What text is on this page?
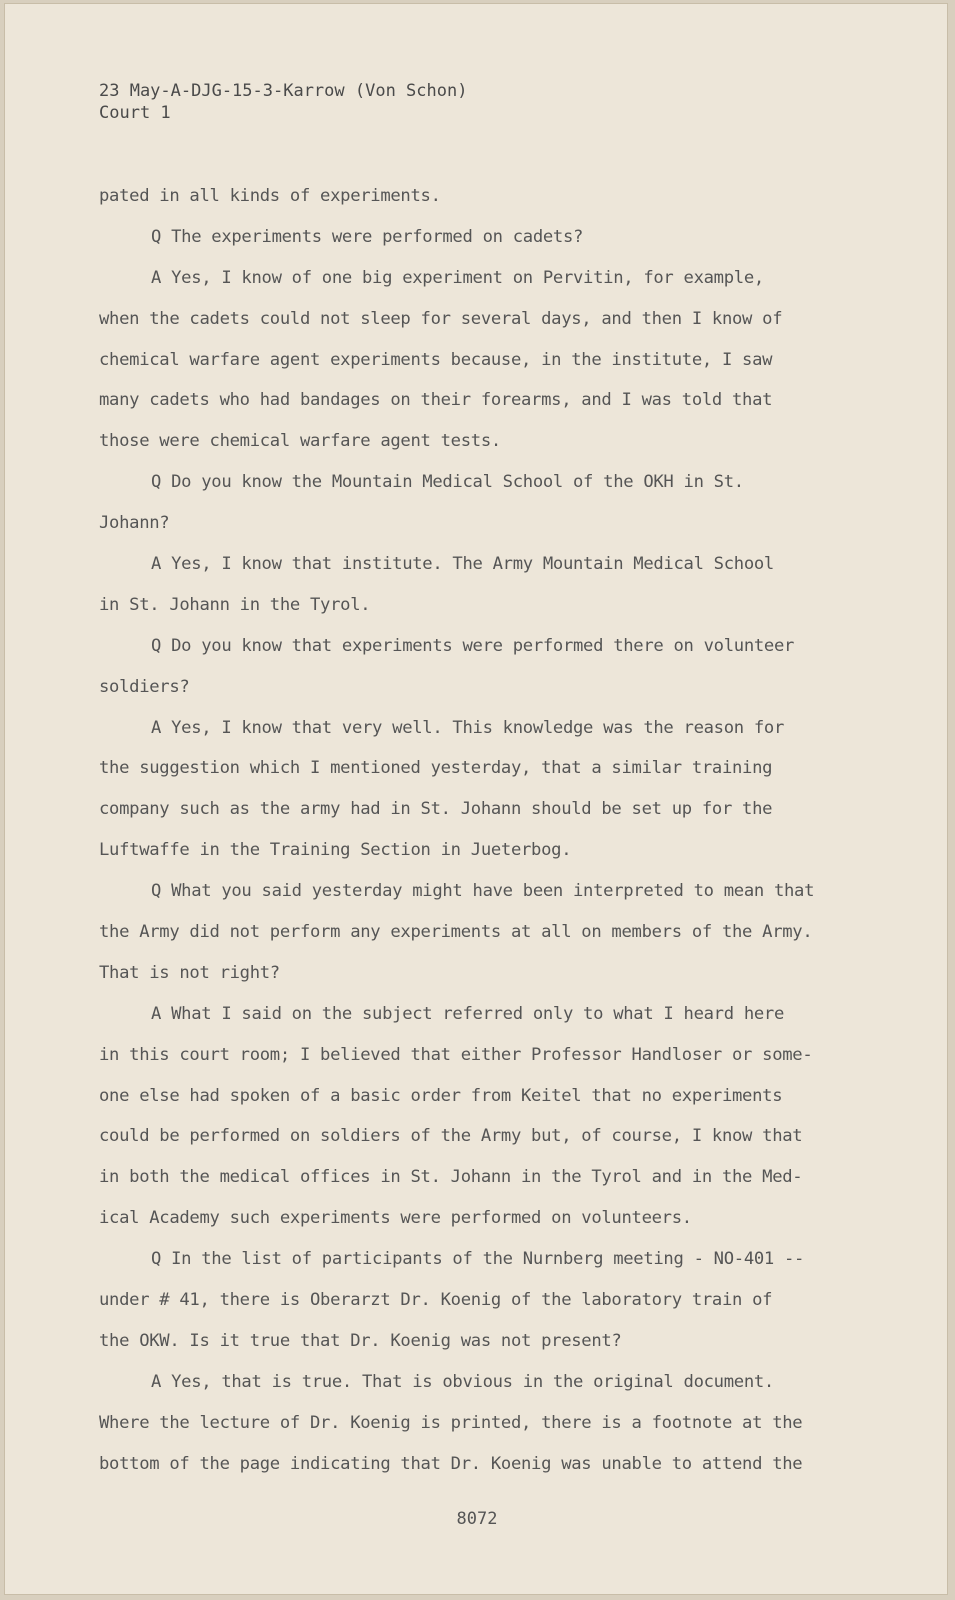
23 May-A-DJG-15-3-Karrow (Von Schon)
Court 1
pated in all kinds of experiments.
Q The experiments were performed on cadets?
A Yes, I know of one big experiment on Pervitin, for example,
when the cadets could not sleep for several days, and then I know of
chemical warfare agent experiments because, in the institute, I saw
many cadets who had bandages on their forearms, and I was told that
those were chemical warfare agent tests.
Q Do you know the Mountain Medical School of the OKH in St.
Johann?
A Yes, I know that institute. The Army Mountain Medical School
in St. Johann in the Tyrol.
Q Do you know that experiments were performed there on volunteer
soldiers?
A Yes, I know that very well. This knowledge was the reason for
the suggestion which I mentioned yesterday, that a similar training
company such as the army had in St. Johann should be set up for the
Luftwaffe in the Training Section in Jueterbog.
Q What you said yesterday might have been interpreted to mean that
the Army did not perform any experiments at all on members of the Army.
That is not right?
A What I said on the subject referred only to what I heard here
in this court room; I believed that either Professor Handloser or some-
one else had spoken of a basic order from Keitel that no experiments
could be performed on soldiers of the Army but, of course, I know that
in both the medical offices in St. Johann in the Tyrol and in the Med-
ical Academy such experiments were performed on volunteers.
Q In the list of participants of the Nurnberg meeting - NO-401 --
under # 41, there is Oberarzt Dr. Koenig of the laboratory train of
the OKW. Is it true that Dr. Koenig was not present?
A Yes, that is true. That is obvious in the original document.
Where the lecture of Dr. Koenig is printed, there is a footnote at the
bottom of the page indicating that Dr. Koenig was unable to attend the
8072
